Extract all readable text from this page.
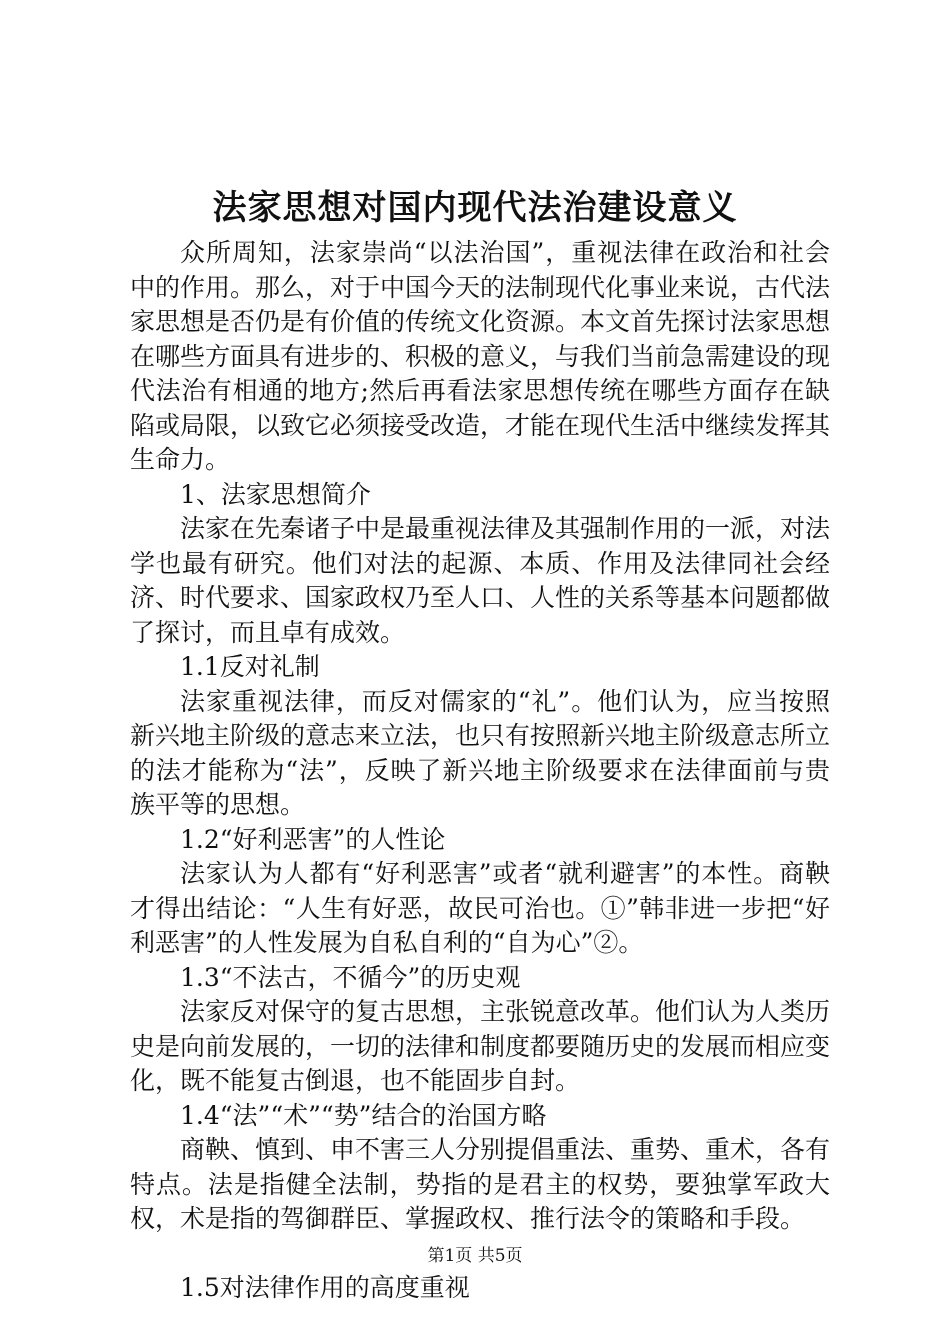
法家思想对国内现代法治建设意义

众所周知，法家崇尚“以法治国”，重视法律在政治和社会中的作用。那么，对于中国今天的法制现代化事业来说，古代法家思想是否仍是有价值的传统文化资源。本文首先探讨法家思想在哪些方面具有进步的、积极的意义，与我们当前急需建设的现代法治有相通的地方;然后再看法家思想传统在哪些方面存在缺陷或局限，以致它必须接受改造，才能在现代生活中继续发挥其生命力。

1、法家思想简介

法家在先秦诸子中是最重视法律及其强制作用的一派，对法学也最有研究。他们对法的起源、本质、作用及法律同社会经济、时代要求、国家政权乃至人口、人性的关系等基本问题都做了探讨，而且卓有成效。

1.1反对礼制

法家重视法律，而反对儒家的“礼”。他们认为，应当按照新兴地主阶级的意志来立法，也只有按照新兴地主阶级意志所立的法才能称为“法”，反映了新兴地主阶级要求在法律面前与贵族平等的思想。

1.2“好利恶害”的人性论

法家认为人都有“好利恶害”或者“就利避害”的本性。商鞅才得出结论：“人生有好恶，故民可治也。①”韩非进一步把“好利恶害”的人性发展为自私自利的“自为心”②。

1.3“不法古，不循今”的历史观

法家反对保守的复古思想，主张锐意改革。他们认为人类历史是向前发展的，一切的法律和制度都要随历史的发展而相应变化，既不能复古倒退，也不能固步自封。

1.4“法”“术”“势”结合的治国方略

商鞅、慎到、申不害三人分别提倡重法、重势、重术，各有特点。法是指健全法制，势指的是君主的权势，要独掌军政大权，术是指的驾御群臣、掌握政权、推行法令的策略和手段。

1.5对法律作用的高度重视

第1页 共5页
